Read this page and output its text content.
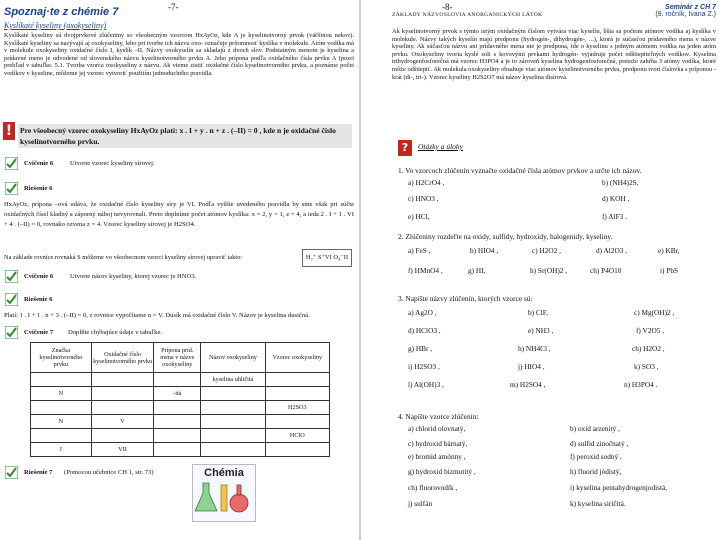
-7-
Spoznaj·te z chémie 7
Kyslíkaté kyseliny (oxokyseliny)
Kyslíkaté kyseliny sú dvojprvkové zlúčeniny so všeobecným vzorcom HxAyOz, kde A je kyselinotvorný prvok (väčšinou nekov). Kyslíkaté kyseliny sa nazývajú aj oxokyseliny, lebo pri tvorbe ich názvu oxo- označuje prítomnosť kyslíka v molekule. Atóm vodíka má v molekule oxokyseliny oxidačné číslo I, kyslík –II. Názvy oxokyselín sa skladajú z dvoch slov. Podstatným menom je kyselina a prídavné meno je odvodené od slovenského názvu kyselinotvorného prvku A. Jeho prípona podľa oxidačného čísla prvku A (pozri prehľad v tabuľke. 5.1. Tvorba vzorca oxokyseliny z názvu. Ak vieme zistiť oxidačné číslo kyselinotvorného prvku, a poznáme počet vodíkov v kyseline, môžeme jej vzorec vytvoriť použitím jednoduchého pravidla.
!	Pre všeobecný vzorec oxokyseliny HxAyOz platí: x . I + y . n + z . (–II) = 0 , kde n je oxidačné číslo kyselinotvorného prvku.
Cvičenie 6	Utvorte vzorec kyseliny sírovej.
Riešenie 6
HxAyOz, prípona –ová udáva, že oxidačné číslo kyseliny síry je VI. Podľa vyššie uvedeného pravidla by sme však pri súčte oxidačných čísel kladný a záporný náboj nevyrovnali. Preto doplníme počet atómov kyslíka: x = 2, y = 1, z = 4, a teda 2 . I + 1 . VI + 4 . (–II) = 0, rovnako ozvena z = 4. Vzorec kyseliny sírovej je H2SO4.
Na základe rovnice rovnaká S môžeme vo všeobecnom vzorci kyseliny sírovej upraviť takto:	H₂⁺ S⁺VI O₄⁻II
Cvičenie 6	Utvorte názov kyseliny, ktorej vzorec je HNO3.
Riešenie 6
Platí: 1 . I + 1 . n + 3 . (–II) = 0, z rovnice vypočítame n = V. Dusík má oxidačné číslo V. Názov je kyselina dusičná.
Cvičenie 7 Doplňte chýbajúce údaje v tabuľke.
Značka kyselinotvorného prvku	Oxidačné číslo kyselinotvorného prvku	Prípona prid. mena v názve oxokyseliny	Názov oxokyseliny	Vzorec oxokyseliny
			kyselina uhličitá	
N		-itá		
				H2SO3
N	V			
				HClO
I	VII			
Riešenie 7 (Pomocou učebnice CH 1, str. 73)	Chémia
-8-
ZÁKLADY NÁZVOSLOVIA ANORGANICKÝCH LÁTOK
Seminár z CH 7
(9. ročník, Ivana Z.)
Ak kyselinotvorný prvok s týmto istým oxidačným číslom vytvára viac kyselín, líšia sa počtom atómov vodíka aj kyslíka v molekule. Názvy takých kyselín majú predponu (hydrogén-, dihydrogén-, ...), ktorá je súčasťou prídavného mena v názve kyseliny. Ak súčasťou názvu ani prídavného mena nie je predpona, ide o kyselinu s jedným atómom vodíka na jeden atóm prvku. Oxokyseliny tvoria kyslé soli s kovovými prvkami hydrogén- vyjadruje počet odštiepiteľných vodíkov. Kyselina trihydrogenfosforečná má vzorec H3PO4 a je to zároveň kyselina hydrogenfosforečná, pretože zahŕňa 3 atómy vodíka, ktoré môže odštiepiť. Ak molekula oxokyseliny obsahuje viac atómov kyselinotvorného prvku, predponu tvorí číslovka s príponou -krát (di-, tri-). Vzorec kyseliny H2S2O7 má názov kyselina disírová.
?	Otázky a úlohy
1. Vo vzorcoch zlúčenín vyznačte oxidačné čísla atómov prvkov a určte ich názov.
a) H2CrO4 ,	b) (NH4)2S,
c) HNO3 ,	d) KOH ,
e) HCl,	f) AlF3 .
2. Zlúčeniny rozdeľte na oxidy, sulfidy, hydroxidy, halogenidy, kyseliny.
a) FeS ,	b) HIO4 ,	c) H2O2 ,	d) Al2O3 ,	e) KBr,
f) HMnO4 ,	g) HI,	h) Sr(OH)2 ,	ch) P4O10	i) PbS
3. Napíšte názvy zlúčenín, ktorých vzorce sú:
a) Ag2O ,	b) ClF,	c) Mg(OH)2 ,
d) HClO3 ,	e) NH3 ,	f) V2O5 ,
g) HBr ,	h) NH4Cl ,	ch) H2O2 ,
i) H2SO3 ,	j) HIO4 ,	k) SO3 ,
l) Al(OH)3 ,	m) H2SO4 ,	n) H3PO4 .
4. Napíšte vzorce zlúčenín:
a) chlorid olovnatý,	b) oxid arzenitý ,
c) hydroxid bárnatý,	d) sulfid zinočnatý ,
e) bromid amónny ,	f) peroxid sodný ,
g) hydroxid bizmutitý ,	h) fluorid jódistý,
ch) fluorovodík ,	i) kyselina pentahydrogenjodistá,
j) sulfán	k) kyselina siričitá.
